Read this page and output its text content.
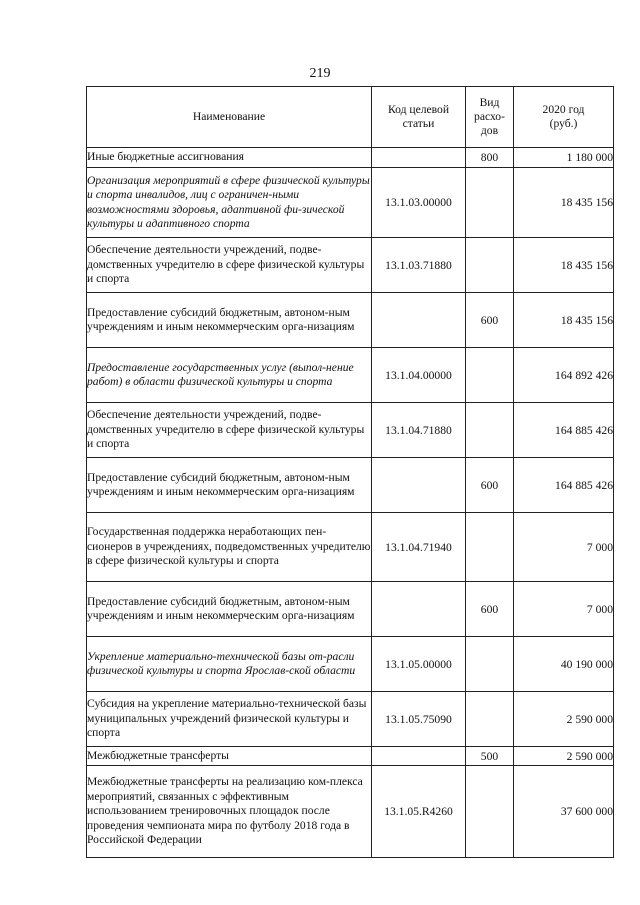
219
Наименование	Код целевой статьи	Вид расхо-дов	2020 год (руб.)
Иные бюджетные ассигнования		800	1 180 000
Организация мероприятий в сфере физической культуры и спорта инвалидов, лиц с ограничен-ными возможностями здоровья, адаптивной фи-зической культуры и адаптивного спорта	13.1.03.00000		18 435 156
Обеспечение деятельности учреждений, подве-домственных учредителю в сфере физической культуры и спорта	13.1.03.71880		18 435 156
Предоставление субсидий бюджетным, автоном-ным учреждениям и иным некоммерческим орга-низациям		600	18 435 156
Предоставление государственных услуг (выпол-нение работ) в области физической культуры и спорта	13.1.04.00000		164 892 426
Обеспечение деятельности учреждений, подве-домственных учредителю в сфере физической культуры и спорта	13.1.04.71880		164 885 426
Предоставление субсидий бюджетным, автоном-ным учреждениям и иным некоммерческим орга-низациям		600	164 885 426
Государственная поддержка неработающих пен-сионеров в учреждениях, подведомственных учредителю в сфере физической культуры и спорта	13.1.04.71940		7 000
Предоставление субсидий бюджетным, автоном-ным учреждениям и иным некоммерческим орга-низациям		600	7 000
Укрепление материально-технической базы от-расли физической культуры и спорта Ярослав-ской области	13.1.05.00000		40 190 000
Субсидия на укрепление материально-технической базы муниципальных учреждений физической культуры и спорта	13.1.05.75090		2 590 000
Межбюджетные трансферты		500	2 590 000
Межбюджетные трансферты на реализацию ком-плекса мероприятий, связанных с эффективным использованием тренировочных площадок после проведения чемпионата мира по футболу 2018 года в Российской Федерации	13.1.05.R4260		37 600 000
